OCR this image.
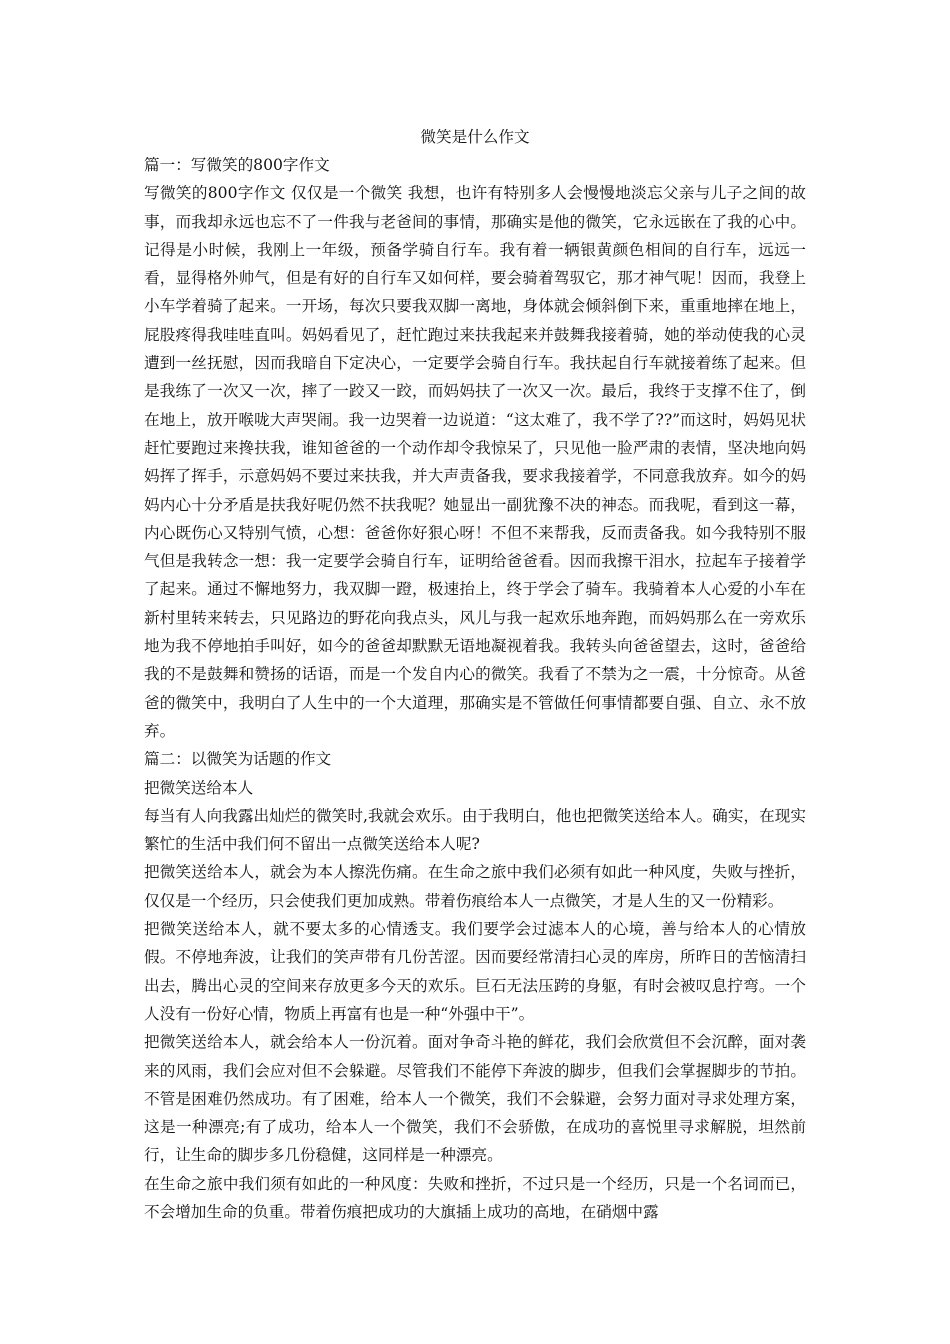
微笑是什么作文

篇一：写微笑的800字作文

写微笑的800字作文 仅仅是一个微笑 我想，也许有特别多人会慢慢地淡忘父亲与儿子之间的故事，而我却永远也忘不了一件我与老爸间的事情，那确实是他的微笑，它永远嵌在了我的心中。 记得是小时候，我刚上一年级，预备学骑自行车。我有着一辆银黄颜色相间的自行车，远远一看，显得格外帅气，但是有好的自行车又如何样，要会骑着驾驭它，那才神气呢！因而，我登上小车学着骑了起来。一开场，每次只要我双脚一离地，身体就会倾斜倒下来，重重地摔在地上，屁股疼得我哇哇直叫。妈妈看见了，赶忙跑过来扶我起来并鼓舞我接着骑，她的举动使我的心灵遭到一丝抚慰，因而我暗自下定决心，一定要学会骑自行车。我扶起自行车就接着练了起来。但是我练了一次又一次，摔了一跤又一跤，而妈妈扶了一次又一次。最后，我终于支撑不住了，倒在地上，放开喉咙大声哭闹。我一边哭着一边说道：“这太难了，我不学了??”而这时，妈妈见状赶忙要跑过来搀扶我，谁知爸爸的一个动作却令我惊呆了，只见他一脸严肃的表情，坚决地向妈妈挥了挥手，示意妈妈不要过来扶我，并大声责备我，要求我接着学，不同意我放弃。如今的妈妈内心十分矛盾是扶我好呢仍然不扶我呢？她显出一副犹豫不决的神态。而我呢，看到这一幕，内心既伤心又特别气愤，心想：爸爸你好狠心呀！不但不来帮我，反而责备我。如今我特别不服气但是我转念一想：我一定要学会骑自行车，证明给爸爸看。因而我擦干泪水，拉起车子接着学了起来。通过不懈地努力，我双脚一蹬，极速抬上，终于学会了骑车。我骑着本人心爱的小车在新村里转来转去，只见路边的野花向我点头，风儿与我一起欢乐地奔跑，而妈妈那么在一旁欢乐地为我不停地拍手叫好，如今的爸爸却默默无语地凝视着我。我转头向爸爸望去，这时，爸爸给我的不是鼓舞和赞扬的话语，而是一个发自内心的微笑。我看了不禁为之一震，十分惊奇。从爸爸的微笑中，我明白了人生中的一个大道理，那确实是不管做任何事情都要自强、自立、永不放弃。

篇二：以微笑为话题的作文

把微笑送给本人

每当有人向我露出灿烂的微笑时,我就会欢乐。由于我明白，他也把微笑送给本人。确实，在现实繁忙的生活中我们何不留出一点微笑送给本人呢?

把微笑送给本人，就会为本人擦洗伤痛。在生命之旅中我们必须有如此一种风度，失败与挫折，仅仅是一个经历，只会使我们更加成熟。带着伤痕给本人一点微笑，才是人生的又一份精彩。

把微笑送给本人，就不要太多的心情透支。我们要学会过滤本人的心境，善与给本人的心情放假。不停地奔波，让我们的笑声带有几份苦涩。因而要经常清扫心灵的库房，所昨日的苦恼清扫出去，腾出心灵的空间来存放更多今天的欢乐。巨石无法压跨的身躯，有时会被叹息拧弯。一个人没有一份好心情，物质上再富有也是一种“外强中干”。

把微笑送给本人，就会给本人一份沉着。面对争奇斗艳的鲜花，我们会欣赏但不会沉醉，面对袭来的风雨，我们会应对但不会躲避。尽管我们不能停下奔波的脚步，但我们会掌握脚步的节拍。不管是困难仍然成功。有了困难，给本人一个微笑，我们不会躲避，会努力面对寻求处理方案，这是一种漂亮;有了成功，给本人一个微笑，我们不会骄傲，在成功的喜悦里寻求解脱，坦然前行，让生命的脚步多几份稳健，这同样是一种漂亮。

在生命之旅中我们须有如此的一种风度：失败和挫折，不过只是一个经历，只是一个名词而已，不会增加生命的负重。带着伤痕把成功的大旗插上成功的高地，在硝烟中露
